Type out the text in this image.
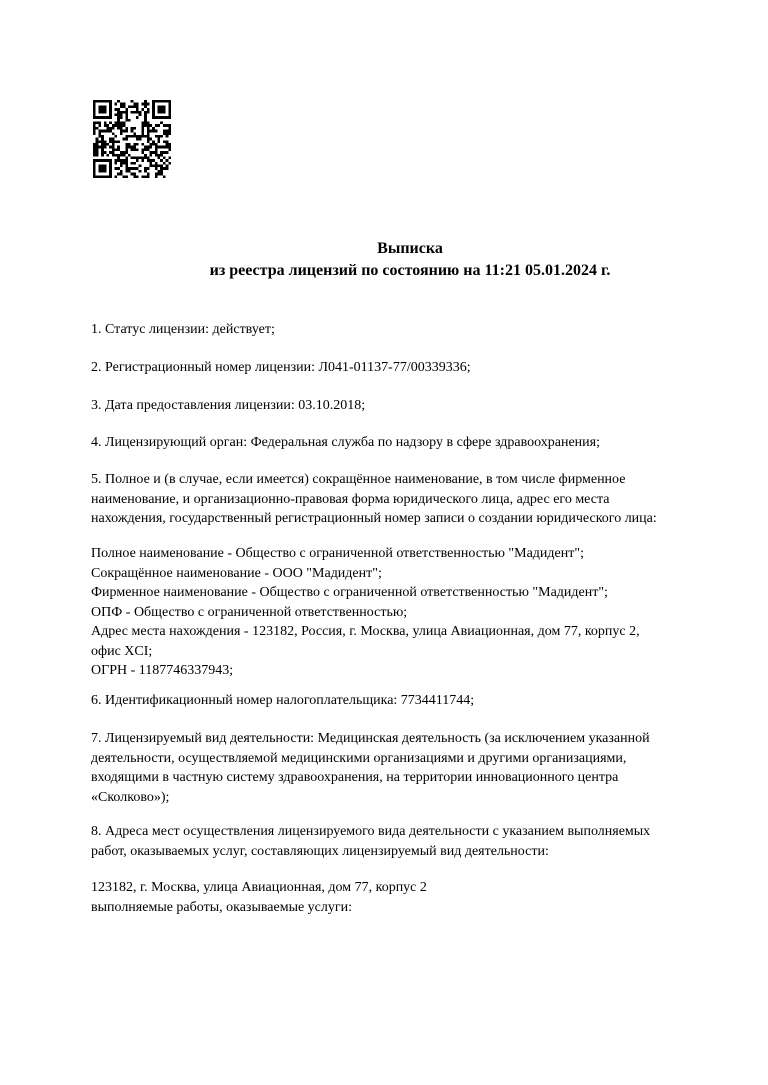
Выписка
из реестра лицензий по состоянию на 11:21 05.01.2024 г.

1. Статус лицензии: действует;

2. Регистрационный номер лицензии: Л041-01137-77/00339336;

3. Дата предоставления лицензии: 03.10.2018;

4. Лицензирующий орган: Федеральная служба по надзору в сфере здравоохранения;

5. Полное и (в случае, если имеется) сокращённое наименование, в том числе фирменное
наименование, и организационно-правовая форма юридического лица, адрес его места
нахождения, государственный регистрационный номер записи о создании юридического лица:

Полное наименование - Общество с ограниченной ответственностью "Мадидент";
Сокращённое наименование - ООО "Мадидент";
Фирменное наименование - Общество с ограниченной ответственностью "Мадидент";
ОПФ - Общество с ограниченной ответственностью;
Адрес места нахождения - 123182, Россия, г. Москва, улица Авиационная, дом 77, корпус 2,
офис XCI;
ОГРН - 1187746337943;

6. Идентификационный номер налогоплательщика: 7734411744;

7. Лицензируемый вид деятельности: Медицинская деятельность (за исключением указанной
деятельности, осуществляемой медицинскими организациями и другими организациями,
входящими в частную систему здравоохранения, на территории инновационного центра
«Сколково»);

8. Адреса мест осуществления лицензируемого вида деятельности с указанием выполняемых
работ, оказываемых услуг, составляющих лицензируемый вид деятельности:

123182, г. Москва, улица Авиационная, дом 77, корпус 2
выполняемые работы, оказываемые услуги:
